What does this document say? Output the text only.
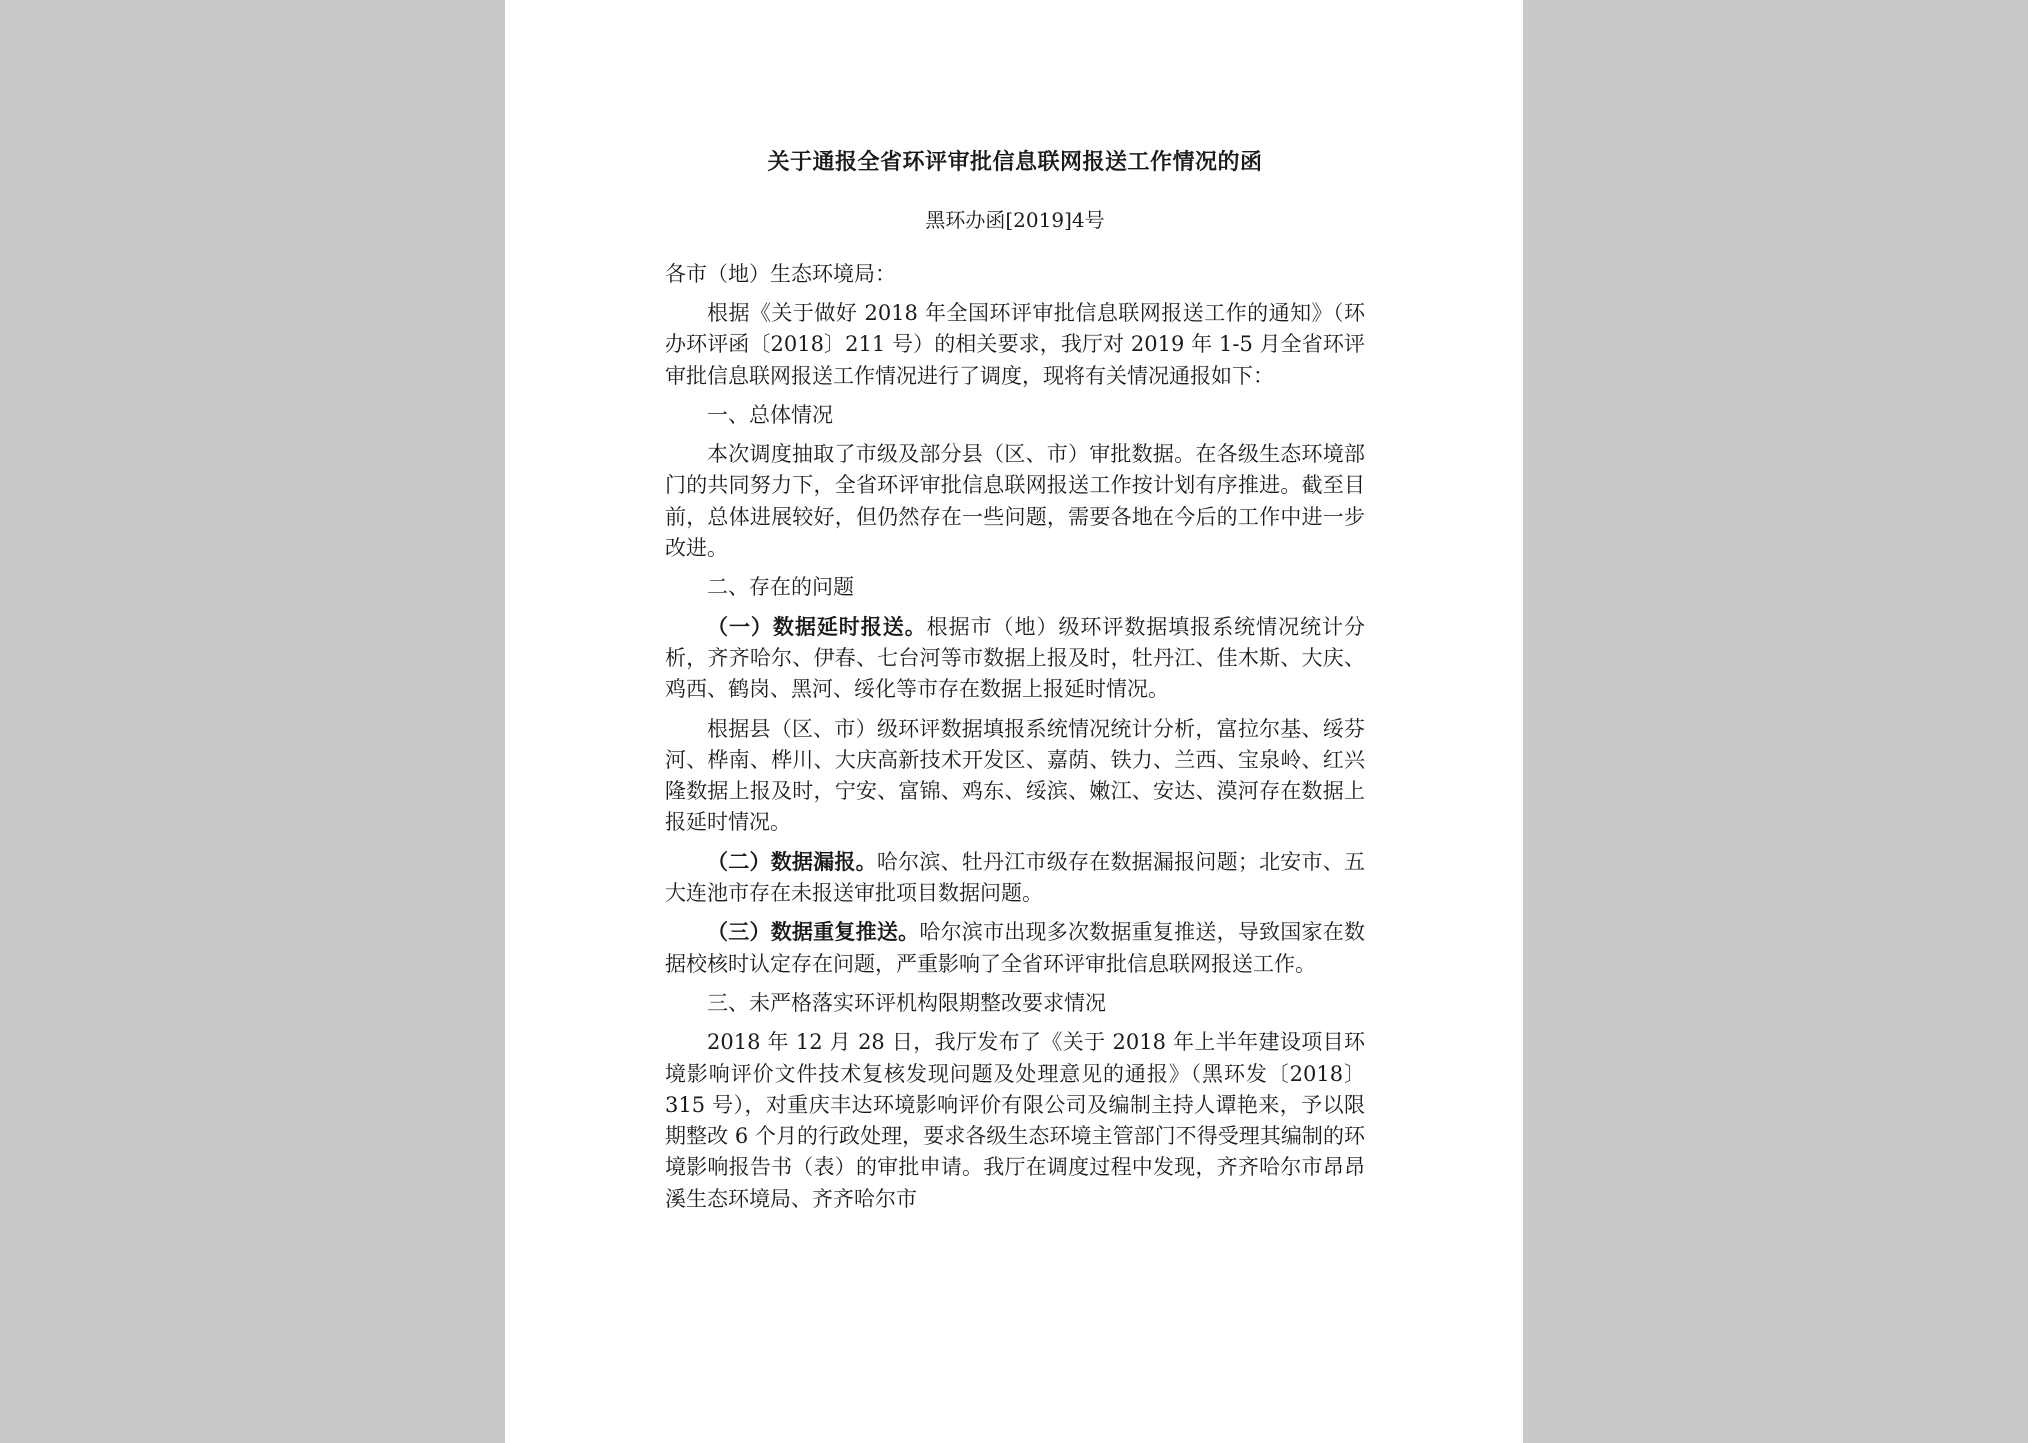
关于通报全省环评审批信息联网报送工作情况的函
黑环办函[2019]4号
各市（地）生态环境局：

根据《关于做好 2018 年全国环评审批信息联网报送工作的通知》（环办环评函〔2018〕211 号）的相关要求，我厅对 2019 年 1-5 月全省环评审批信息联网报送工作情况进行了调度，现将有关情况通报如下：

一、总体情况

本次调度抽取了市级及部分县（区、市）审批数据。在各级生态环境部门的共同努力下，全省环评审批信息联网报送工作按计划有序推进。截至目前，总体进展较好，但仍然存在一些问题，需要各地在今后的工作中进一步改进。

二、存在的问题

（一）数据延时报送。根据市（地）级环评数据填报系统情况统计分析，齐齐哈尔、伊春、七台河等市数据上报及时，牡丹江、佳木斯、大庆、鸡西、鹤岗、黑河、绥化等市存在数据上报延时情况。

根据县（区、市）级环评数据填报系统情况统计分析，富拉尔基、绥芬河、桦南、桦川、大庆高新技术开发区、嘉荫、铁力、兰西、宝泉岭、红兴隆数据上报及时，宁安、富锦、鸡东、绥滨、嫩江、安达、漠河存在数据上报延时情况。

（二）数据漏报。哈尔滨、牡丹江市级存在数据漏报问题；北安市、五大连池市存在未报送审批项目数据问题。

（三）数据重复推送。哈尔滨市出现多次数据重复推送，导致国家在数据校核时认定存在问题，严重影响了全省环评审批信息联网报送工作。

三、未严格落实环评机构限期整改要求情况

2018 年 12 月 28 日，我厅发布了《关于 2018 年上半年建设项目环境影响评价文件技术复核发现问题及处理意见的通报》（黑环发〔2018〕315 号），对重庆丰达环境影响评价有限公司及编制主持人谭艳来，予以限期整改 6 个月的行政处理，要求各级生态环境主管部门不得受理其编制的环境影响报告书（表）的审批申请。我厅在调度过程中发现，齐齐哈尔市昂昂溪生态环境局、齐齐哈尔市
